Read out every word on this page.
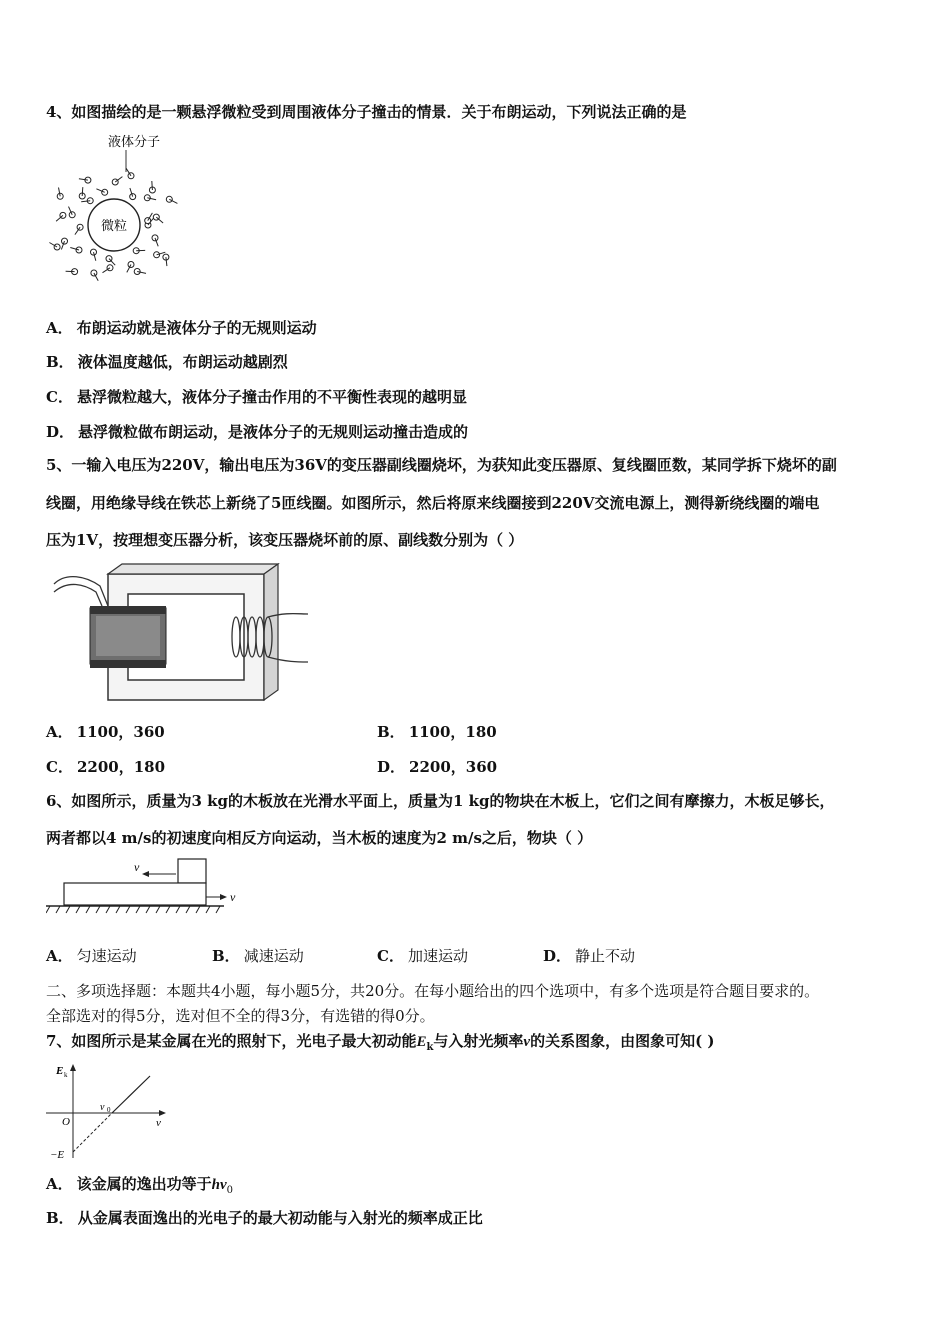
4、如图描绘的是一颗悬浮微粒受到周围液体分子撞击的情景．关于布朗运动，下列说法正确的是
液体分子
微粒
A． 布朗运动就是液体分子的无规则运动
B． 液体温度越低，布朗运动越剧烈
C． 悬浮微粒越大，液体分子撞击作用的不平衡性表现的越明显
D． 悬浮微粒做布朗运动，是液体分子的无规则运动撞击造成的
5、一输入电压为220V，输出电压为36V的变压器副线圈烧坏，为获知此变压器原、复线圈匝数，某同学拆下烧坏的副
线圈，用绝缘导线在铁芯上新绕了5匝线圈。如图所示，然后将原来线圈接到220V交流电源上，测得新绕线圈的端电
压为1V，按理想变压器分析，该变压器烧坏前的原、副线数分别为（ ）
A． 1100，360	B． 1100，180
C． 2200，180	D． 2200，360
6、如图所示，质量为3 kg的木板放在光滑水平面上，质量为1 kg的物块在木板上，它们之间有摩擦力，木板足够长，
两者都以4 m/s的初速度向相反方向运动，当木板的速度为2 m/s之后，物块（ ）
v
v
A． 匀速运动	B． 减速运动	C． 加速运动	D． 静止不动
二、多项选择题：本题共4小题，每小题5分，共20分。在每小题给出的四个选项中，有多个选项是符合题目要求的。
全部选对的得5分，选对但不全的得3分，有选错的得0分。
7、如图所示是某金属在光的照射下，光电子最大初动能$E_k$与入射光频率v的关系图象，由图象可知( )
E k
O
ν 0
ν
−E
A． 该金属的逸出功等于$h\nu_0$
B． 从金属表面逸出的光电子的最大初动能与入射光的频率成正比
